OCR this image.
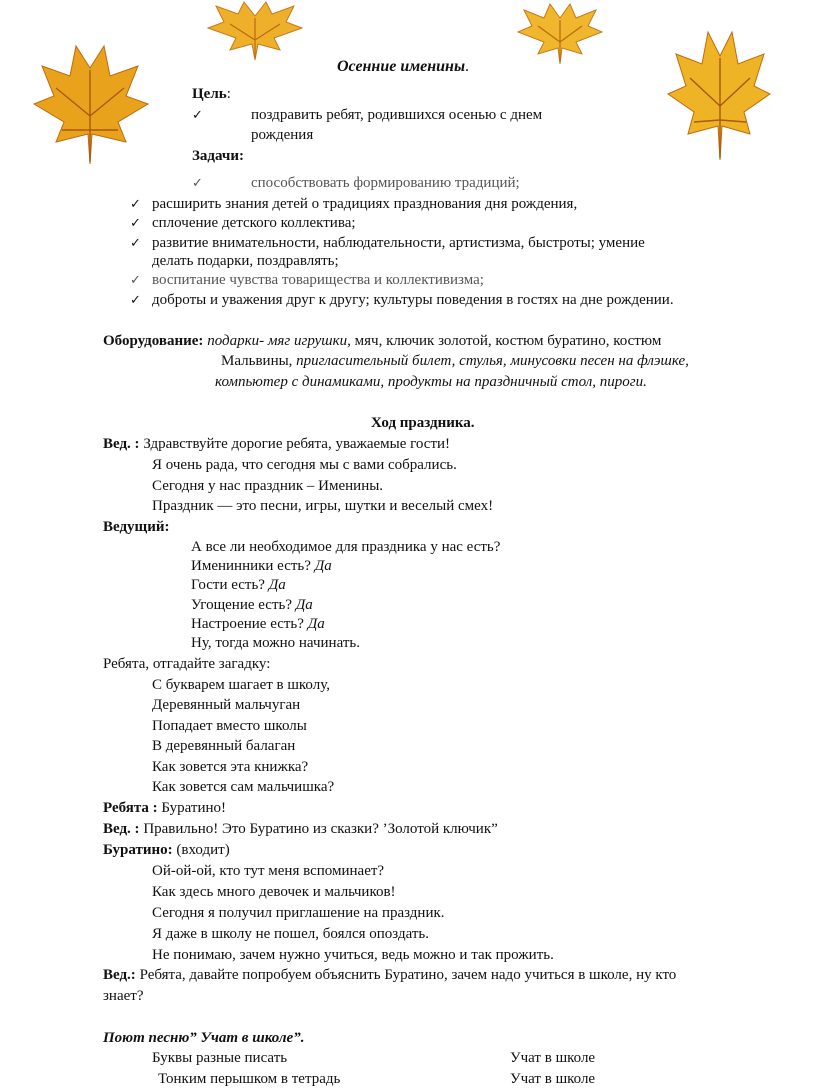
Осенние именины.
Цель:
✓	поздравить ребят, родившихся осенью с днем
рождения
Задачи:
✓	способствовать формированию традиций;
✓ расширить знания детей о традициях празднования дня рождения,
✓ сплочение детского коллектива;
✓ развитие внимательности, наблюдательности, артистизма, быстроты; умение
делать подарки, поздравлять;
✓ воспитание чувства товарищества и коллективизма;
✓ доброты и уважения друг к другу; культуры поведения в гостях на дне рождении.
Оборудование: подарки- мяг игрушки, мяч, ключик золотой, костюм буратино, костюм
Мальвины, пригласительный билет, стулья, минусовки песен на флэшке,
компьютер с динамиками, продукты на праздничный стол, пироги.
Ход праздника.
Вед. : Здравствуйте дорогие ребята, уважаемые гости!
Я очень рада, что сегодня мы с вами собрались.
Сегодня у нас праздник – Именины.
Праздник — это песни, игры, шутки и веселый смех!
Ведущий:
А все ли необходимое для праздника у нас есть?
Именинники есть? Да
Гости есть? Да
Угощение есть? Да
Настроение есть? Да
Ну, тогда можно начинать.
Ребята, отгадайте загадку:
С букварем шагает в школу,
Деревянный мальчуган
Попадает вместо школы
В деревянный балаган
Как зовется эта книжка?
Как зовется сам мальчишка?
Ребята : Буратино!
Вед. : Правильно! Это Буратино из сказки? ’Золотой ключик”
Буратино: (входит)
Ой-ой-ой, кто тут меня вспоминает?
Как здесь много девочек и мальчиков!
Сегодня я получил приглашение на праздник.
Я даже в школу не пошел, боялся опоздать.
Не понимаю, зачем нужно учиться, ведь можно и так прожить.
Вед.: Ребята, давайте попробуем объяснить Буратино, зачем надо учиться в школе, ну кто
знает?
Поют песню” Учат в школе”.
Буквы разные писать	Учат в школе
Тонким перышком в тетрадь	Учат в школе
